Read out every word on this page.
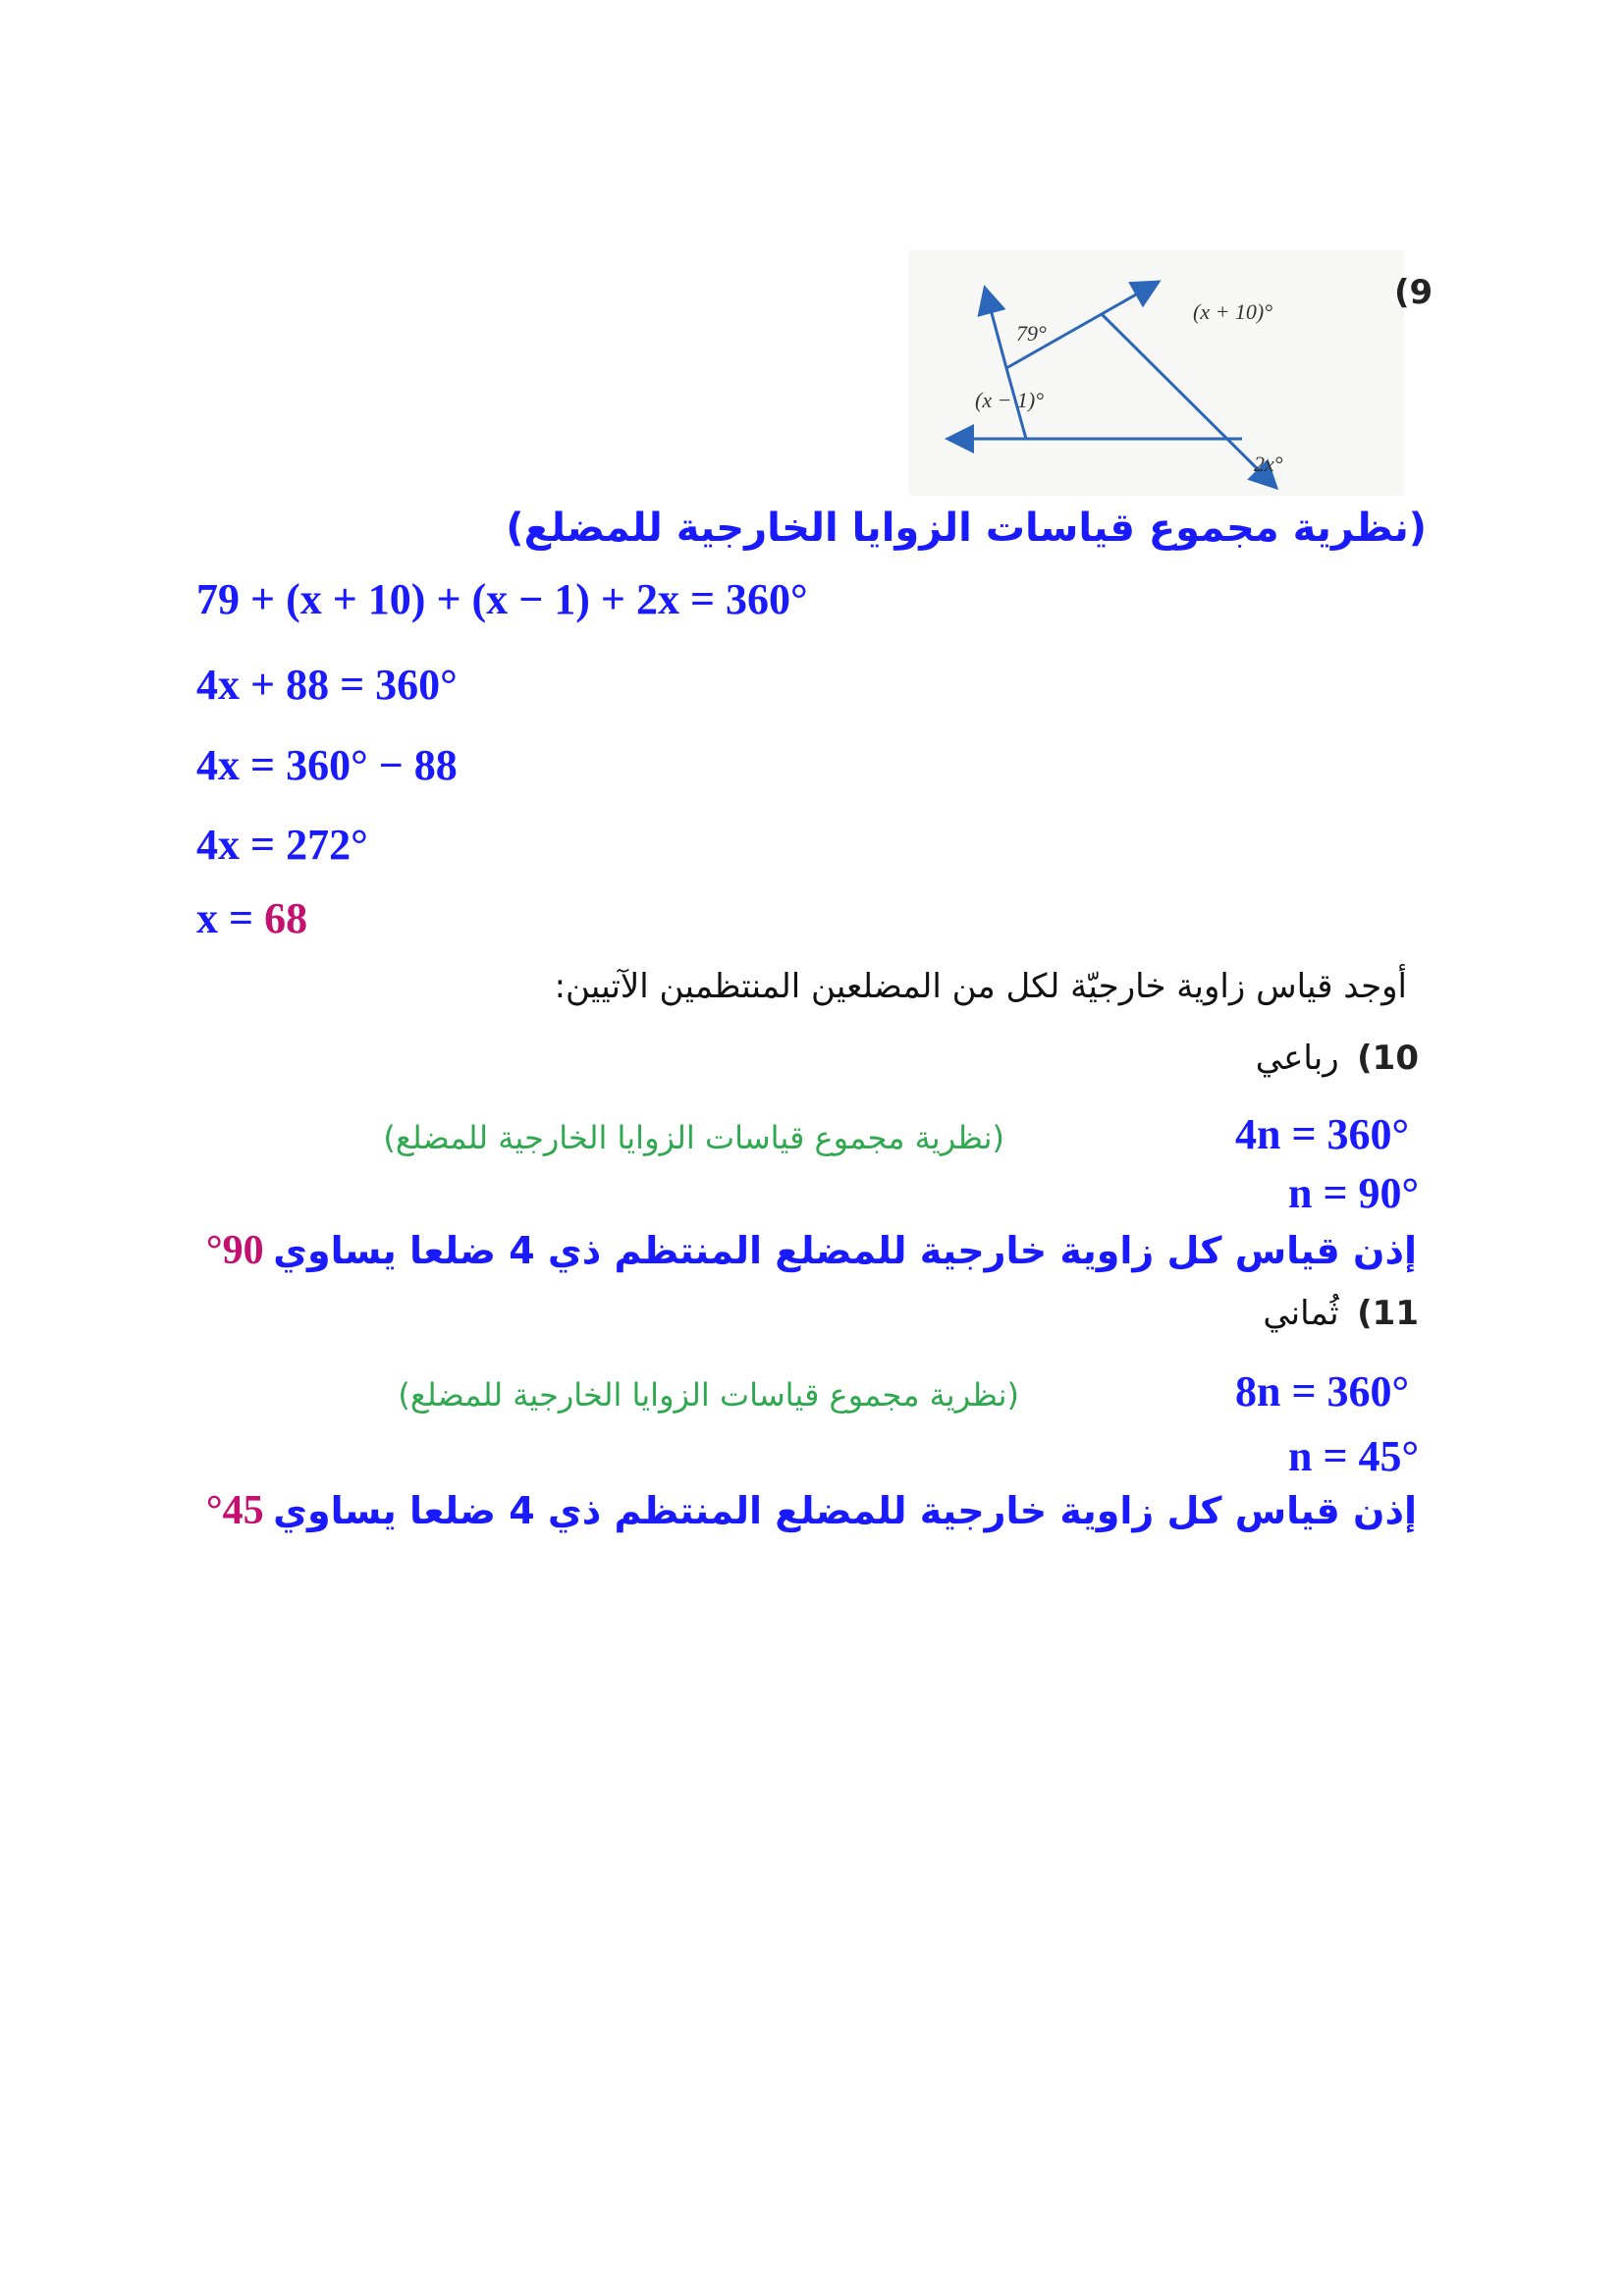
79°
(x + 10)°
(x − 1)°
2x°
(9
(نظرية مجموع قياسات الزوايا الخارجية للمضلع)
79 + (x + 10) + (x − 1) + 2x = 360°
4x + 88 = 360°
4x = 360° − 88
4x = 272°
x = 68
أوجد قياس زاوية خارجيّة لكل من المضلعين المنتظمين الآتيين:
10) رباعي
(نظرية مجموع قياسات الزوايا الخارجية للمضلع)	4n = 360°
n = 90°
إذن قياس كل زاوية خارجية للمضلع المنتظم ذي 4 ضلعا يساوي 90°
11) ثُماني
(نظرية مجموع قياسات الزوايا الخارجية للمضلع)	8n = 360°
n = 45°
إذن قياس كل زاوية خارجية للمضلع المنتظم ذي 4 ضلعا يساوي 45°
